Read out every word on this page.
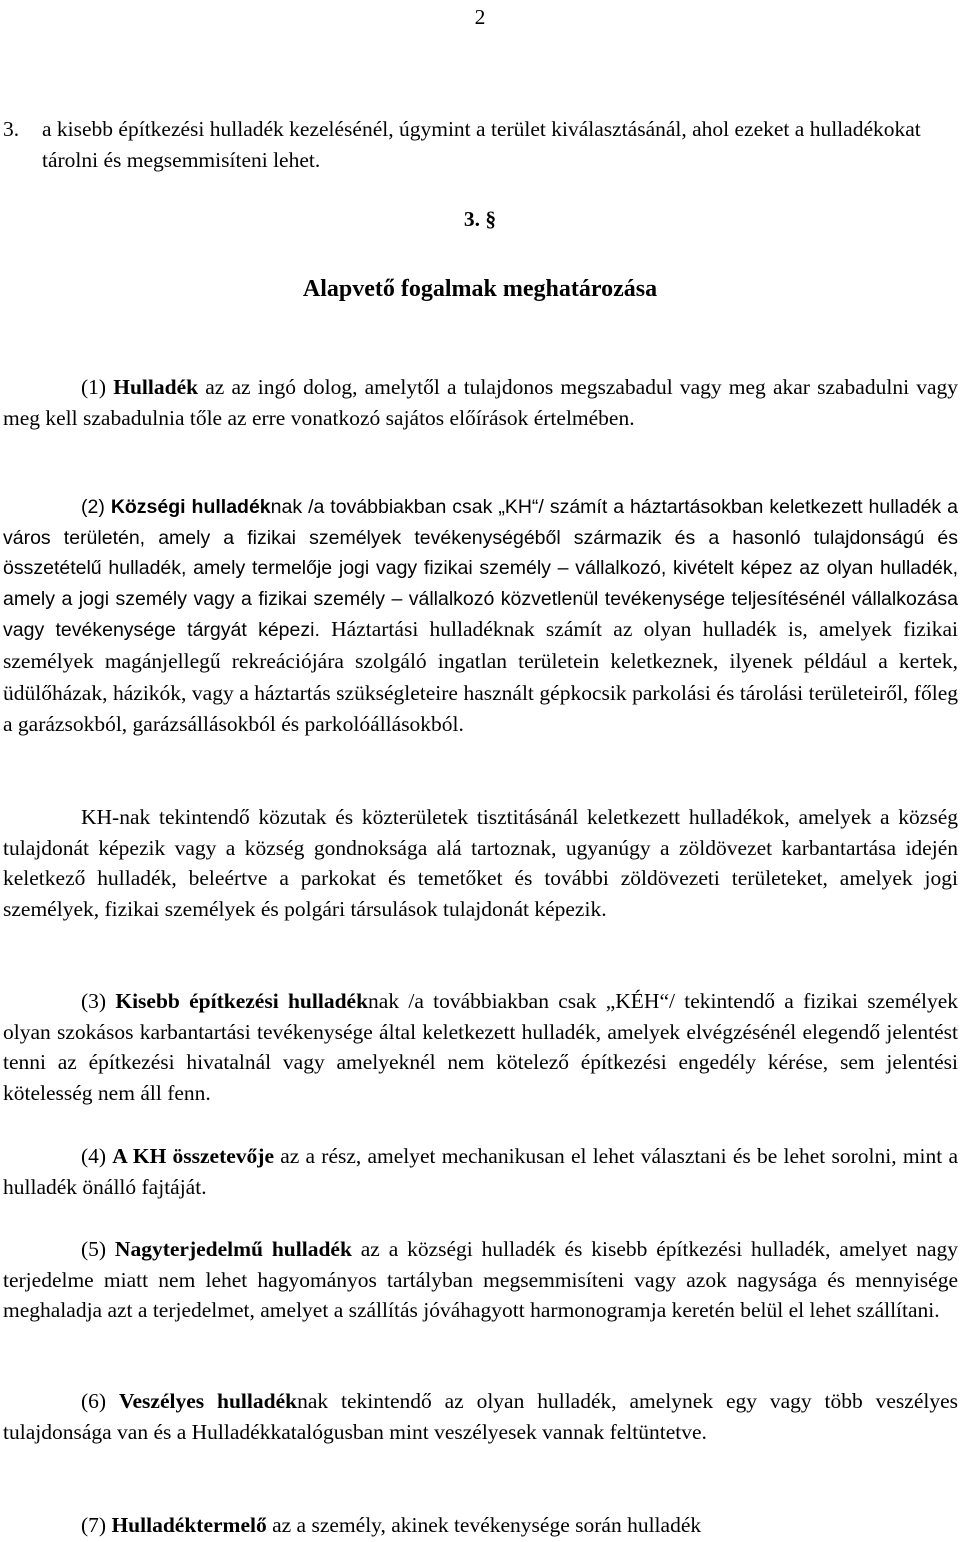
2
3. a kisebb építkezési hulladék kezelésénél, úgymint a terület kiválasztásánál, ahol ezeket a hulladékokat tárolni és megsemmisíteni lehet.
3. §
Alapvető fogalmak meghatározása

(1) Hulladék az az ingó dolog, amelytől a tulajdonos megszabadul vagy meg akar szabadulni vagy meg kell szabadulnia tőle az erre vonatkozó sajátos előírások értelmében.

(2) Községi hulladéknak /a továbbiakban csak „KH“/ számít a háztartásokban keletkezett hulladék a város területén, amely a fizikai személyek tevékenységéből származik és a hasonló tulajdonságú és összetételű hulladék, amely termelője jogi vagy fizikai személy – vállalkozó, kivételt képez az olyan hulladék, amely a jogi személy vagy a fizikai személy – vállalkozó közvetlenül tevékenysége teljesítésénél vállalkozása vagy tevékenysége tárgyát képezi. Háztartási hulladéknak számít az olyan hulladék is, amelyek fizikai személyek magánjellegű rekreációjára szolgáló ingatlan területein keletkeznek, ilyenek például a kertek, üdülőházak, házikók, vagy a háztartás szükségleteire használt gépkocsik parkolási és tárolási területeiről, főleg a garázsokból, garázsállásokból és parkolóállásokból.

KH-nak tekintendő közutak és közterületek tisztitásánál keletkezett hulladékok, amelyek a község tulajdonát képezik vagy a község gondnoksága alá tartoznak, ugyanúgy a zöldövezet karbantartása idején keletkező hulladék, beleértve a parkokat és temetőket és további zöldövezeti területeket, amelyek jogi személyek, fizikai személyek és polgári társulások tulajdonát képezik.

(3) Kisebb építkezési hulladéknak /a továbbiakban csak „KÉH“/ tekintendő a fizikai személyek olyan szokásos karbantartási tevékenysége által keletkezett hulladék, amelyek elvégzésénél elegendő jelentést tenni az építkezési hivatalnál vagy amelyeknél nem kötelező építkezési engedély kérése, sem jelentési kötelesség nem áll fenn.

(4) A KH összetevője az a rész, amelyet mechanikusan el lehet választani és be lehet sorolni, mint a hulladék önálló fajtáját.

(5) Nagyterjedelmű hulladék az a községi hulladék és kisebb építkezési hulladék, amelyet nagy terjedelme miatt nem lehet hagyományos tartályban megsemmisíteni vagy azok nagysága és mennyisége meghaladja azt a terjedelmet, amelyet a szállítás jóváhagyott harmonogramja keretén belül el lehet szállítani.

(6) Veszélyes hulladéknak tekintendő az olyan hulladék, amelynek egy vagy több veszélyes tulajdonsága van és a Hulladékkatalógusban mint veszélyesek vannak feltüntetve.

(7) Hulladéktermelő az a személy, akinek tevékenysége során hulladék
